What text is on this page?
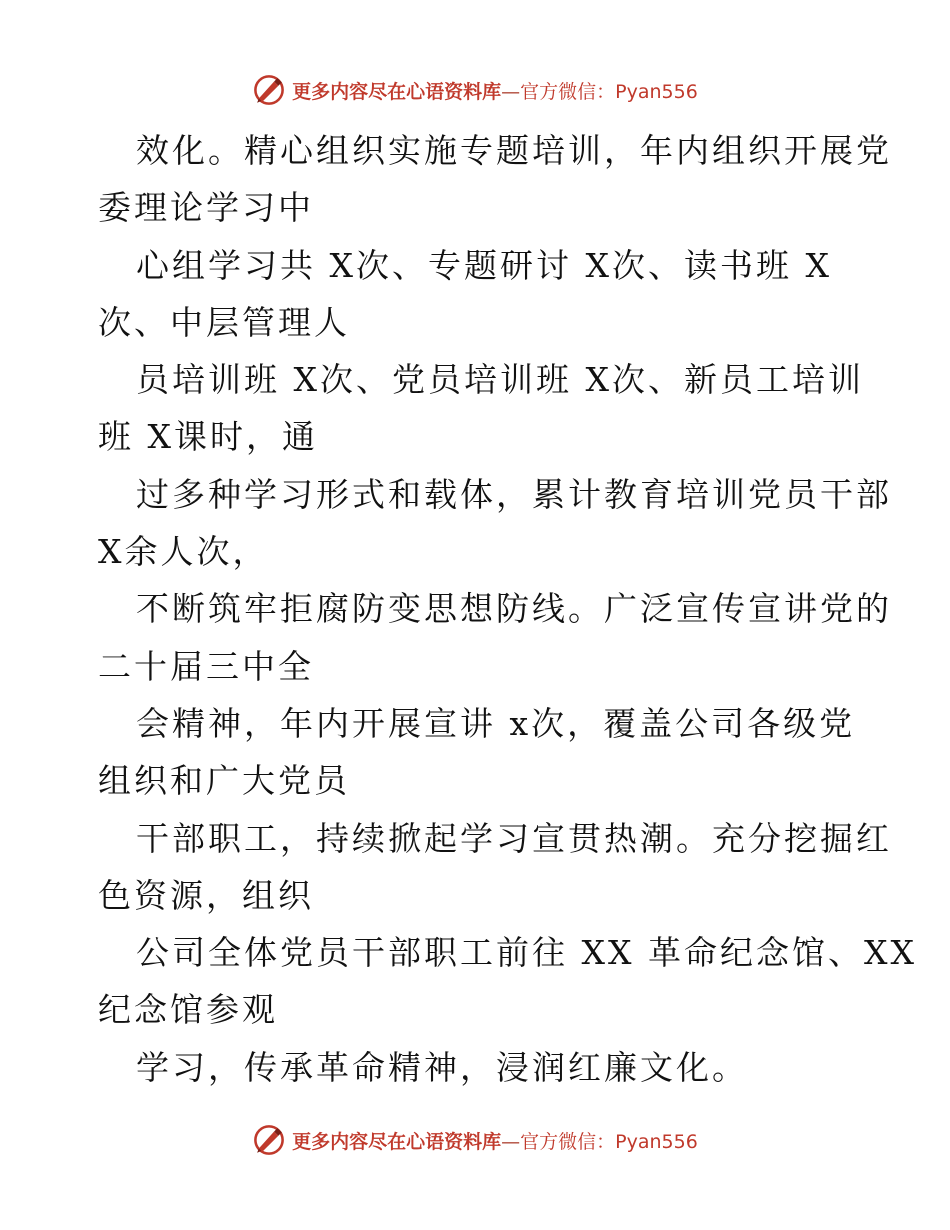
更多内容尽在心语资料库—官方微信：Pyan556
效化。精心组织实施专题培训，年内组织开展党
委理论学习中
心组学习共 X次、专题研讨 X次、读书班 X
次、中层管理人
员培训班 X次、党员培训班 X次、新员工培训
班 X课时，通
过多种学习形式和载体，累计教育培训党员干部
X余人次，
不断筑牢拒腐防变思想防线。广泛宣传宣讲党的
二十届三中全
会精神，年内开展宣讲 x次，覆盖公司各级党
组织和广大党员
干部职工，持续掀起学习宣贯热潮。充分挖掘红
色资源，组织
公司全体党员干部职工前往 XX 革命纪念馆、XX
纪念馆参观
学习，传承革命精神，浸润红廉文化。
更多内容尽在心语资料库—官方微信：Pyan556
